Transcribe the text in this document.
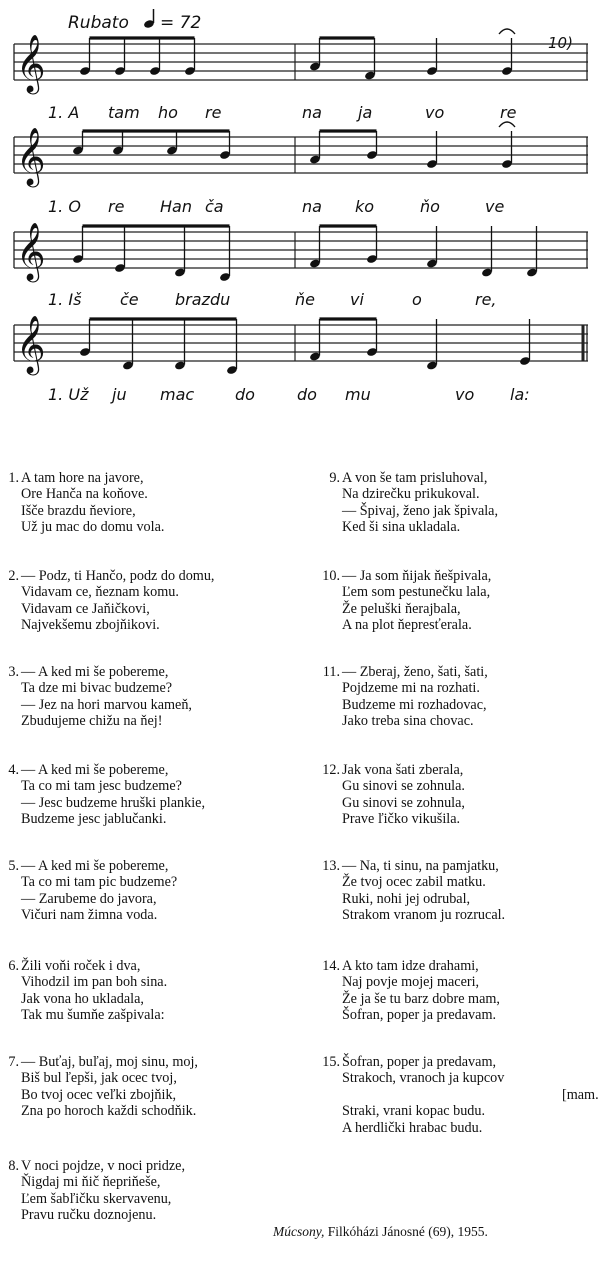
Rubato = 72
10)
𝄞
1. A tam ho re	na ja	vo	re
𝄞
1. O re Han ča	na ko	ňo	ve
𝄞
1. Iš če brazdu	ňe vi	o	re,
𝄞
1. Už ju mac	do	do mu	vo la:
1. A tam hore na javore,
Ore Hanča na koňove.
Išče brazdu ňeviore,
Už ju mac do domu vola.
2. — Podz, ti Hančo, podz do domu,
Vidavam ce, ňeznam komu.
Vidavam ce Jaňičkovi,
Najvekšemu zbojňikovi.
3. — A ked mi še pobereme,
Ta dze mi bivac budzeme?
— Jez na hori marvou kameň,
Zbudujeme chižu na ňej!
4. — A ked mi še pobereme,
Ta co mi tam jesc budzeme?
— Jesc budzeme hruški plankie,
Budzeme jesc jablučanki.
5. — A ked mi še pobereme,
Ta co mi tam pic budzeme?
— Zarubeme do javora,
Vičuri nam žimna voda.
6. Žili voňi roček i dva,
Vihodzil im pan boh sina.
Jak vona ho ukladala,
Tak mu šumňe zašpivala:
7. — Buťaj, buľaj, moj sinu, moj,
Biš bul ľepši, jak ocec tvoj,
Bo tvoj ocec veľki zbojňik,
Zna po horoch každi schodňik.
8. V noci pojdze, v noci pridze,
Ňigdaj mi ňič ňepriňeše,
Ľem šabľičku skervavenu,
Pravu ručku doznojenu.
9. A von še tam prisluhoval,
Na dzirečku prikukoval.
— Špivaj, ženo jak špivala,
Ked ši sina ukladala.
10. — Ja som ňijak ňešpivala,
Ľem som pestunečku lala,
Že peluški ňerajbala,
A na plot ňepresťerala.
11. — Zberaj, ženo, šati, šati,
Pojdzeme mi na rozhati.
Budzeme mi rozhadovac,
Jako treba sina chovac.
12. Jak vona šati zberala,
Gu sinovi se zohnula.
Gu sinovi se zohnula,
Prave ľičko vikušila.
13. — Na, ti sinu, na pamjatku,
Že tvoj ocec zabil matku.
Ruki, nohi jej odrubal,
Strakom vranom ju rozrucal.
14. A kto tam idze drahami,
Naj povje mojej maceri,
Že ja še tu barz dobre mam,
Šofran, poper ja predavam.
15. Šofran, poper ja predavam,
Strakoch, vranoch ja kupcov
[mam.
Straki, vrani kopac budu.
A herdlički hrabac budu.
Múcsony, Filkóházi Jánosné (69), 1955.
